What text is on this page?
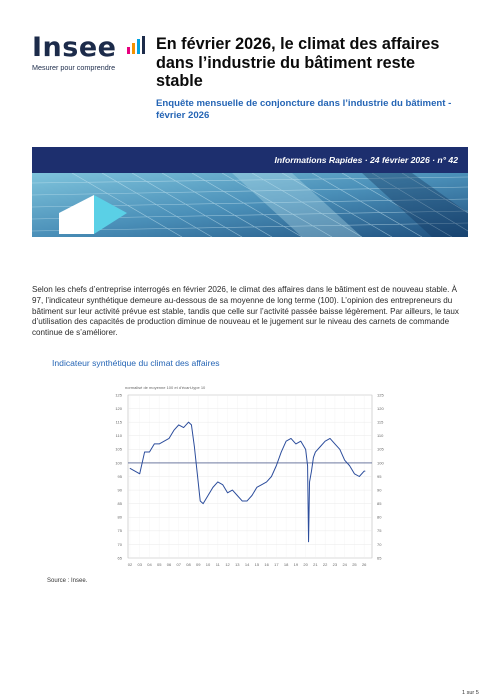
Insee
Mesurer pour comprendre
En février 2026, le climat des affaires dans l’industrie du bâtiment reste stable
Enquête mensuelle de conjoncture dans l’industrie du bâtiment - février 2026
Informations Rapides · 24 février 2026 · n° 42
Selon les chefs d’entreprise interrogés en février 2026, le climat des affaires dans le bâtiment est de nouveau stable. À 97, l’indicateur synthétique demeure au-dessous de sa moyenne de long terme (100). L’opinion des entrepreneurs du bâtiment sur leur activité prévue est stable, tandis que celle sur l’activité passée baisse légèrement. Par ailleurs, le taux d’utilisation des capacités de production diminue de nouveau et le jugement sur le niveau des carnets de commande continue de s’améliorer.
Indicateur synthétique du climat des affaires
normalisé de moyenne 100 et d’écart-type 10
65	65
70	70
75	75
80	80
85	85
90	90
95	95
100	100
105	105
110	110
115	115
120	120
125	125
02 03 04 05 06 07 08 09 10 11 12 13 14 15 16 17 18 19 20 21 22 23 24 25 26
Source : Insee.
1 sur 5
